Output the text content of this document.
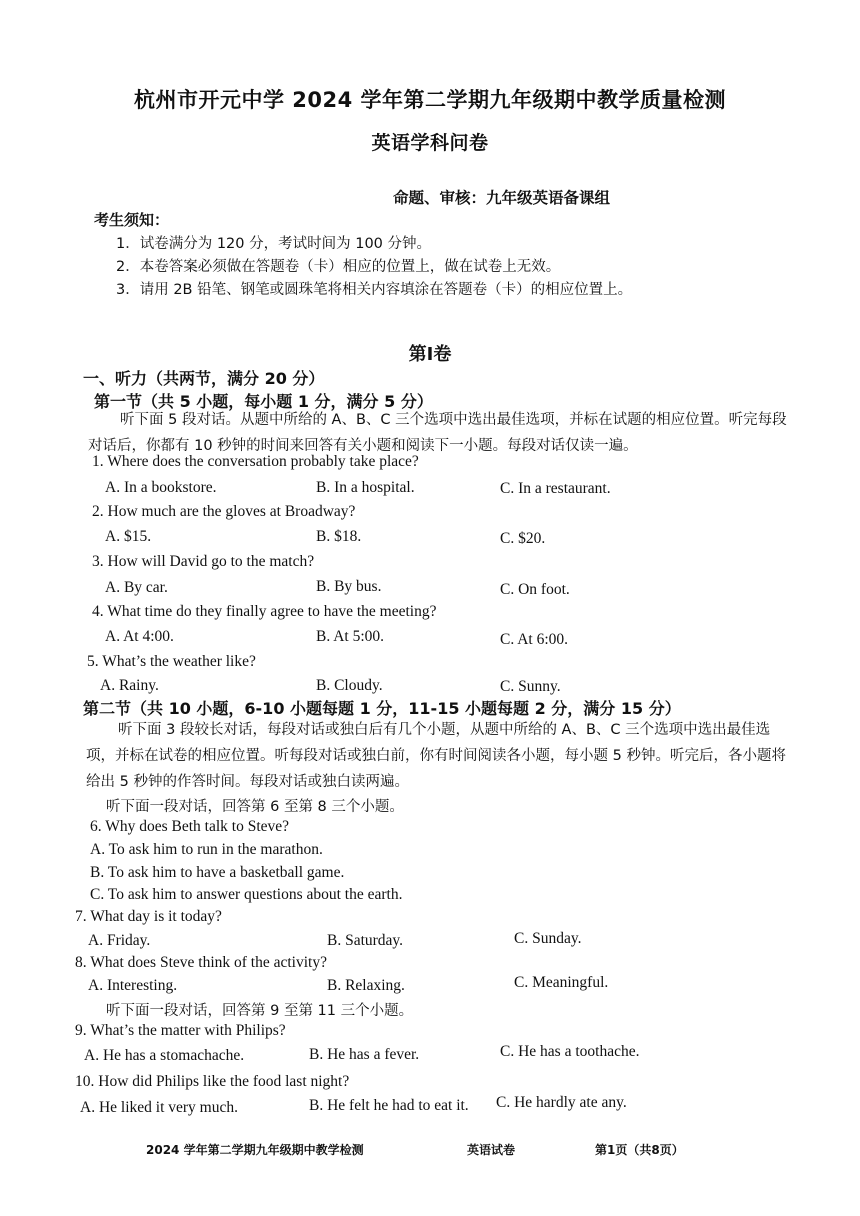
杭州市开元中学 2024 学年第二学期九年级期中教学质量检测
英语学科问卷
命题、审核：九年级英语备课组
考生须知：
1．试卷满分为 120 分，考试时间为 100 分钟。
2．本卷答案必须做在答题卷（卡）相应的位置上，做在试卷上无效。
3．请用 2B 铅笔、钢笔或圆珠笔将相关内容填涂在答题卷（卡）的相应位置上。
第Ⅰ卷
一、听力（共两节，满分 20 分）
第一节（共 5 小题，每小题 1 分，满分 5 分）
听下面 5 段对话。从题中所给的 A、B、C 三个选项中选出最佳选项，并标在试题的相应位置。听完每段对话后，你都有 10 秒钟的时间来回答有关小题和阅读下一小题。每段对话仅读一遍。
1. Where does the conversation probably take place?
A. In a bookstore.	B. In a hospital.	C. In a restaurant.
2. How much are the gloves at Broadway?
A. $15.	B. $18.	C. $20.
3. How will David go to the match?
A. By car.	B. By bus.	C. On foot.
4. What time do they finally agree to have the meeting?
A. At 4:00.	B. At 5:00.	C. At 6:00.
5. What’s the weather like?
A. Rainy.	B. Cloudy.	C. Sunny.
第二节（共 10 小题，6-10 小题每题 1 分，11-15 小题每题 2 分，满分 15 分）
听下面 3 段较长对话，每段对话或独白后有几个小题，从题中所给的 A、B、C 三个选项中选出最佳选项，并标在试卷的相应位置。听每段对话或独白前，你有时间阅读各小题，每小题 5 秒钟。听完后，各小题将给出 5 秒钟的作答时间。每段对话或独白读两遍。
听下面一段对话，回答第 6 至第 8 三个小题。
6. Why does Beth talk to Steve?
A. To ask him to run in the marathon.
B. To ask him to have a basketball game.
C. To ask him to answer questions about the earth.
7. What day is it today?
A. Friday.	B. Saturday.	C. Sunday.
8. What does Steve think of the activity?
A. Interesting.	B. Relaxing.	C. Meaningful.
听下面一段对话，回答第 9 至第 11 三个小题。
9. What’s the matter with Philips?
A. He has a stomachache.	B. He has a fever.	C. He has a toothache.
10. How did Philips like the food last night?
A. He liked it very much.	B. He felt he had to eat it. C. He hardly ate any.
2024 学年第二学期九年级期中教学检测	英语试卷	第1页（共8页）
